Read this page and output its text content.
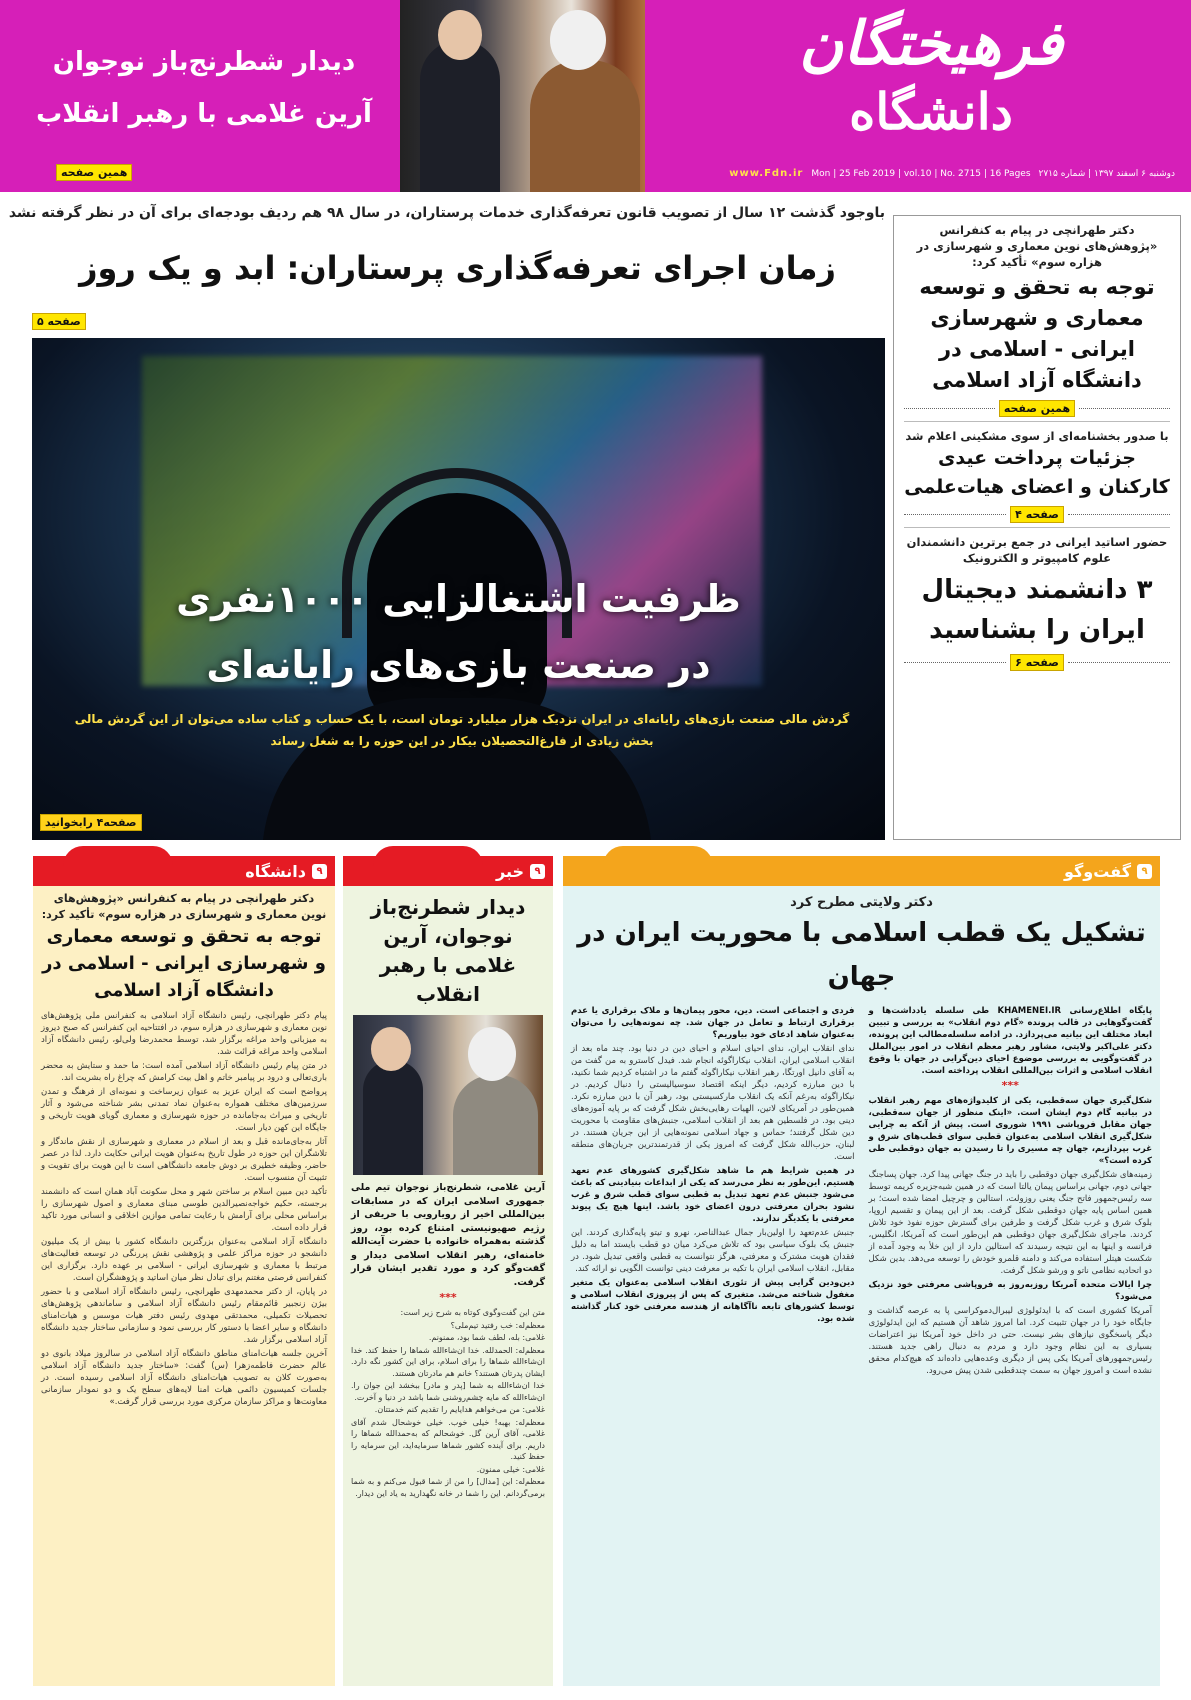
فرهیختگان
دانشگاه
www.Fdn.ir Mon | 25 Feb 2019 | vol.10 | No. 2715 | 16 Pages دوشنبه ۶ اسفند ۱۳۹۷ | شماره ۲۷۱۵
دیدار شطرنج‌باز نوجوان
آرین غلامی با رهبر انقلاب
همین صفحه
باوجود گذشت ۱۲ سال از تصویب قانون تعرفه‌گذاری خدمات پرستاران، در سال ۹۸ هم ردیف بودجه‌ای برای آن در نظر گرفته نشد
زمان اجرای تعرفه‌گذاری پرستاران: ابد و یک روز
صفحه ۵
ظرفیت اشتغالزایی ۱۰۰۰نفری
در صنعت بازی‌های رایانه‌ای
گردش مالی صنعت بازی‌های رایانه‌ای در ایران نزدیک هزار میلیارد تومان است، با یک حساب و کتاب ساده می‌توان از این گردش مالی
بخش زیادی از فارغ‌التحصیلان بیکار در این حوزه را به شغل رساند
صفحه۴ رابخوانید
دکتر طهرانچی در پیام به کنفرانس «پژوهش‌های نوین معماری و شهرسازی در هزاره سوم» تأکید کرد:
توجه به تحقق و توسعه معماری و شهرسازی ایرانی - اسلامی در دانشگاه آزاد اسلامی
همین صفحه
با صدور بخشنامه‌ای از سوی مشکینی اعلام شد
جزئیات پرداخت عیدی کارکنان و اعضای هیات‌علمی
صفحه ۴
حضور اساتید ایرانی در جمع برترین دانشمندان علوم کامپیوتر و الکترونیک
۳ دانشمند دیجیتال ایران را بشناسید
صفحه ۶
۹
دانشگاه
دکتر طهرانچی در پیام به کنفرانس «پژوهش‌های نوین معماری و شهرسازی در هزاره سوم» تأکید کرد:
توجه به تحقق و توسعه معماری و شهرسازی ایرانی - اسلامی در دانشگاه آزاد اسلامی

پیام دکتر طهرانچی، رئیس دانشگاه آزاد اسلامی به کنفرانس ملی پژوهش‌های نوین معماری و شهرسازی در هزاره سوم، در افتتاحیه این کنفرانس که صبح دیروز به میزبانی واحد مراغه برگزار شد، توسط محمدرضا ولی‌لو، رئیس دانشگاه آزاد اسلامی واحد مراغه قرائت شد.

در متن پیام رئیس دانشگاه آزاد اسلامی آمده است: ما حمد و ستایش به محضر باری‌تعالی و درود بر پیامبر خاتم و اهل بیت کرامش که چراغ راه بشریت اند.

پرواضح است که ایران عزیز به عنوان زیرساخت و نمونه‌ای از فرهنگ و تمدن سرزمین‌های مختلف همواره به‌عنوان نماد تمدنی بشر شناخته می‌شود و آثار تاریخی و میراث به‌جامانده در حوزه شهرسازی و معماری گویای هویت تاریخی و جایگاه این کهن دیار است.

آثار به‌جای‌مانده قبل و بعد از اسلام در معماری و شهرسازی از نقش ماندگار و تلاشگران این حوزه در طول تاریخ به‌عنوان هویت ایرانی حکایت دارد. لذا در عصر حاضر، وظیفه خطیری بر دوش جامعه دانشگاهی است تا این هویت برای تقویت و تثبیت آن منسوب است.

تأکید دین مبین اسلام بر ساختن شهر و محل سکونت آباد همان است که دانشمند برجسته، حکیم خواجه‌نصیرالدین طوسی مبنای معماری و اصول شهرسازی را براساس محلی برای آرامش با رعایت تمامی موازین اخلاقی و انسانی مورد تاکید قرار داده است.

دانشگاه آزاد اسلامی به‌عنوان بزرگترین دانشگاه کشور با بیش از یک میلیون دانشجو در حوزه مراکز علمی و پژوهشی نقش پررنگی در توسعه فعالیت‌های مرتبط با معماری و شهرسازی ایرانی - اسلامی بر عهده دارد. برگزاری این کنفرانس فرصتی مغتنم برای تبادل نظر میان اساتید و پژوهشگران است.

در پایان، از دکتر محمدمهدی طهرانچی، رئیس دانشگاه آزاد اسلامی و با حضور بیژن زنجبیر قائم‌مقام رئیس دانشگاه آزاد اسلامی و ساماندهی پژوهش‌های تحصیلات تکمیلی، محمدتقی مهدوی رئیس دفتر هیات موسس و هیات‌امنای دانشگاه و سایر اعضا با دستور کار بررسی نمود و سازمانی ساختار جدید دانشگاه آزاد اسلامی برگزار شد.

آخرین جلسه هیات‌امنای مناطق دانشگاه آزاد اسلامی در سالروز میلاد بانوی دو عالم حضرت فاطمه‌زهرا (س) گفت: «ساختار جدید دانشگاه آزاد اسلامی به‌صورت کلان به تصویب هیات‌امنای دانشگاه آزاد اسلامی رسیده است. در جلسات کمیسیون دائمی هیات امنا لایه‌های سطح یک و دو نمودار سازمانی معاونت‌ها و مراکز سازمان مرکزی مورد بررسی قرار گرفت.»

۹
خبر
دیدار شطرنج‌باز نوجوان، آرین غلامی با رهبر انقلاب

آرین غلامی، شطرنج‌باز نوجوان تیم ملی جمهوری اسلامی ایران که در مسابقات بین‌المللی اخیر از رویارویی با حریفی از رژیم صهیونیستی امتناع کرده بود، روز گذشته به‌همراه خانواده با حضرت آیت‌الله خامنه‌ای، رهبر انقلاب اسلامی دیدار و گفت‌وگو کرد و مورد تقدیر ایشان قرار گرفت.

***

متن این گفت‌وگوی کوتاه به شرح زیر است:

معظم‌له: خب رفتید تیم‌ملی؟

غلامی: بله، لطف شما بود، ممنونم.

معظم‌له: الحمدلله. خدا ان‌شاءالله شماها را حفظ کند. خدا ان‌شاءالله شماها را برای اسلام، برای این کشور نگه دارد. ایشان پدرتان هستند؟ خانم هم مادرتان هستند.

خدا ان‌شاءالله به شما [پدر و مادر] ببخشد این جوان را. ان‌شاءالله که مایه چشم‌روشنی شما باشد در دنیا و آخرت.

غلامی: من می‌خواهم هدایایم را تقدیم کنم خدمتتان.

معظم‌له: بهبه! خیلی خوب. خیلی خوشحال شدم آقای غلامی، آقای آرین گل. خوشحالم که به‌حمدالله شماها را داریم. برای آینده کشور شماها سرمایه‌اید، این سرمایه را حفظ کنید.

غلامی: خیلی ممنون.

معظم‌له: این [مدال] را من از شما قبول می‌کنم و به شما برمی‌گردانم. این را شما در خانه نگهدارید به یاد این دیدار.

۹
گفت‌وگو
دکتر ولایتی مطرح کرد
تشکیل یک قطب اسلامی با محوریت ایران در جهان

پایگاه اطلاع‌رسانی KHAMENEI.IR طی سلسله یادداشت‌ها و گفت‌وگوهایی در قالب پرونده «گام دوم انقلاب» به بررسی و تبیین ابعاد مختلف این بیانیه می‌پردازد. در ادامه سلسله‌مطالب این پرونده، دکتر علی‌اکبر ولایتی، مشاور رهبر معظم انقلاب در امور بین‌الملل در گفت‌وگویی به بررسی موضوع احیای دین‌گرایی در جهان با وقوع انقلاب اسلامی و اثرات بین‌المللی انقلاب پرداخته است.

***

شکل‌گیری جهان سه‌قطبی، یکی از کلیدواژه‌های مهم رهبر انقلاب در بیانیه گام دوم ایشان است. «اینک منظور از جهان سه‌قطبی، جهان مقابل فروپاشی ۱۹۹۱ شوروی است. پیش از آنکه به چرایی شکل‌گیری انقلاب اسلامی به‌عنوان قطبی سوای قطب‌های شرق و غرب بپردازیم، جهان چه مسیری را تا رسیدن به جهان دوقطبی طی کرده است؟»

زمینه‌های شکل‌گیری جهان دوقطبی را باید در جنگ جهانی پیدا کرد. جهان پساجنگ جهانی دوم، جهانی براساس پیمان یالتا است که در همین شبه‌جزیره کریمه توسط سه رئیس‌جمهور فاتح جنگ یعنی روزولت، استالین و چرچیل امضا شده است؛ بر همین اساس پایه جهان دوقطبی شکل گرفت. بعد از این پیمان و تقسیم اروپا، بلوک شرق و غرب شکل گرفت و طرفین برای گسترش حوزه نفوذ خود تلاش کردند. ماجرای شکل‌گیری جهان دوقطبی هم این‌طور است که آمریکا، انگلیس، فرانسه و اینها به این نتیجه رسیدند که استالین دارد از این خلأ به وجود آمده از شکست هیتلر استفاده می‌کند و دامنه قلمرو خودش را توسعه می‌دهد. بدین شکل دو اتحادیه نظامی ناتو و ورشو شکل گرفت.

چرا ایالات متحده آمریکا روز‌به‌روز به فروپاشی معرفتی خود نزدیک می‌شود؟

آمریکا کشوری است که با ایدئولوژی لیبرال‌دموکراسی پا به عرصه گذاشت و جایگاه خود را در جهان تثبیت کرد. اما امروز شاهد آن هستیم که این ایدئولوژی دیگر پاسخگوی نیازهای بشر نیست. حتی در داخل خود آمریکا نیز اعتراضات بسیاری به این نظام وجود دارد و مردم به دنبال راهی جدید هستند. رئیس‌جمهورهای آمریکا یکی پس از دیگری وعده‌هایی داده‌اند که هیچ‌کدام محقق نشده است و امروز جهان به سمت چندقطبی شدن پیش می‌رود.

فردی و اجتماعی است. دین، محور پیمان‌ها و ملاک برقراری یا عدم برقراری ارتباط و تعامل در جهان شد. چه نمونه‌هایی را می‌توان به‌عنوان شاهد ادعای خود بیاوریم؟

ندای انقلاب ایران، ندای احیای اسلام و احیای دین در دنیا بود. چند ماه بعد از انقلاب اسلامی ایران، انقلاب نیکاراگوئه انجام شد. فیدل کاسترو به من گفت من به آقای دانیل اورتگا، رهبر انقلاب نیکاراگوئه گفتم ما در اشتباه کردیم شما نکنید، با دین مبارزه کردیم، دیگر اینکه اقتصاد سوسیالیستی را دنبال کردیم. در نیکاراگوئه به‌رغم آنکه یک انقلاب مارکسیستی بود، رهبر آن با دین مبارزه نکرد. همین‌طور در آمریکای لاتین، الهیات رهایی‌بخش شکل گرفت که بر پایه آموزه‌های دینی بود. در فلسطین هم بعد از انقلاب اسلامی، جنبش‌های مقاومت با محوریت دین شکل گرفتند؛ حماس و جهاد اسلامی نمونه‌هایی از این جریان هستند. در لبنان، حزب‌الله شکل گرفت که امروز یکی از قدرتمندترین جریان‌های منطقه است.

در همین شرایط هم ما شاهد شکل‌گیری کشورهای عدم تعهد هستیم. این‌طور به نظر می‌رسد که یکی از ابداعات بنیادینی که باعث می‌شود جنبش عدم تعهد تبدیل به قطبی سوای قطب شرق و غرب نشود بحران معرفتی درون اعضای خود باشد. اینها هیچ یک پیوند معرفتی با یکدیگر ندارند.

جنبش عدم‌تعهد را اولین‌بار جمال عبدالناصر، نهرو و تیتو پایه‌گذاری کردند. این جنبش یک بلوک سیاسی بود که تلاش می‌کرد میان دو قطب بایستد اما به دلیل فقدان هویت مشترک و معرفتی، هرگز نتوانست به قطبی واقعی تبدیل شود. در مقابل، انقلاب اسلامی ایران با تکیه بر معرفت دینی توانست الگویی نو ارائه کند.

دین‌ودین گرایی پیش از تئوری انقلاب اسلامی به‌عنوان یک متغیر مغفول شناخته می‌شد. متغیری که پس از پیروزی انقلاب اسلامی و توسط کشورهای تابعه ناآگاهانه از هندسه معرفتی خود کنار گذاشته شده بود.
